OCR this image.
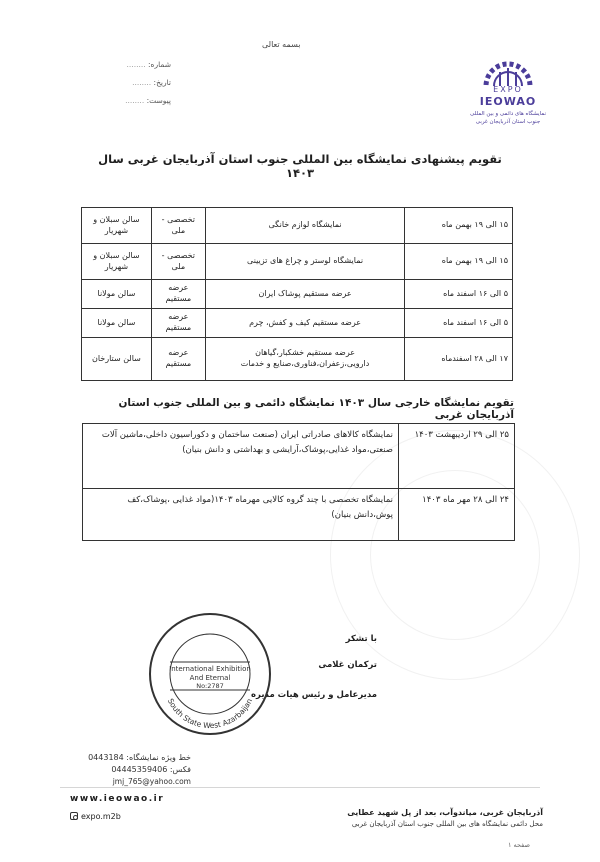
بسمه تعالی
شماره: ........
تاریخ: ........
پیوست: ........
EXPO
IEOWAO
نمایشگاه های دائمی و بین المللی
جنوب استان آذربایجان غربی
تقویم پیشنهادی نمایشگاه بین المللی جنوب استان آذربایجان غربی سال ۱۴۰۳
۱۵ الی ۱۹ بهمن ماه	نمایشگاه لوازم خانگی	تخصصی - ملی	سالن سبلان و شهریار
۱۵ الی ۱۹ بهمن ماه	نمایشگاه لوستر و چراغ های تزیینی	تخصصی - ملی	سالن سبلان و شهریار
۵ الی ۱۶ اسفند ماه	عرضه مستقیم پوشاک ایران	عرضه مستقیم	سالن مولانا
۵ الی ۱۶ اسفند ماه	عرضه مستقیم کیف و کفش، چرم	عرضه مستقیم	سالن مولانا
۱۷ الی ۲۸ اسفندماه	عرضه مستقیم خشکبار،گیاهان دارویی،زعفران،فناوری،صنایع و خدمات	عرضه مستقیم	سالن ستارخان
تقویم نمایشگاه خارجی سال ۱۴۰۳ نمایشگاه دائمی و بین المللی جنوب استان آذربایجان غربی
۲۵ الی ۲۹ اردیبهشت ۱۴۰۳	نمایشگاه کالاهای صادراتی ایران (صنعت ساختمان و دکوراسیون داخلی،ماشین آلات صنعتی،مواد غذایی،پوشاک،آرایشی و بهداشتی و دانش بنیان)
۲۴ الی ۲۸ مهر ماه ۱۴۰۳	نمایشگاه تخصصی با چند گروه کالایی مهرماه ۱۴۰۳(مواد غذایی ،پوشاک،کف پوش،دانش بنیان)
با تشکر
ترکمان غلامی
مدیرعامل و رئیس هیات مدیره
South State West Azarbaijan
International Exhibition
And Eternal
No:2787
خط ویژه نمایشگاه: 0443184
فکس: 04445359406
jmj_765@yahoo.com
www.ieowao.ir
expo.m2b	آذربایجان غربی، میاندوآب، بعد از پل شهید عطایی
محل دائمی نمایشگاه های بین المللی جنوب استان آذربایجان غربی
صفحه ۱
